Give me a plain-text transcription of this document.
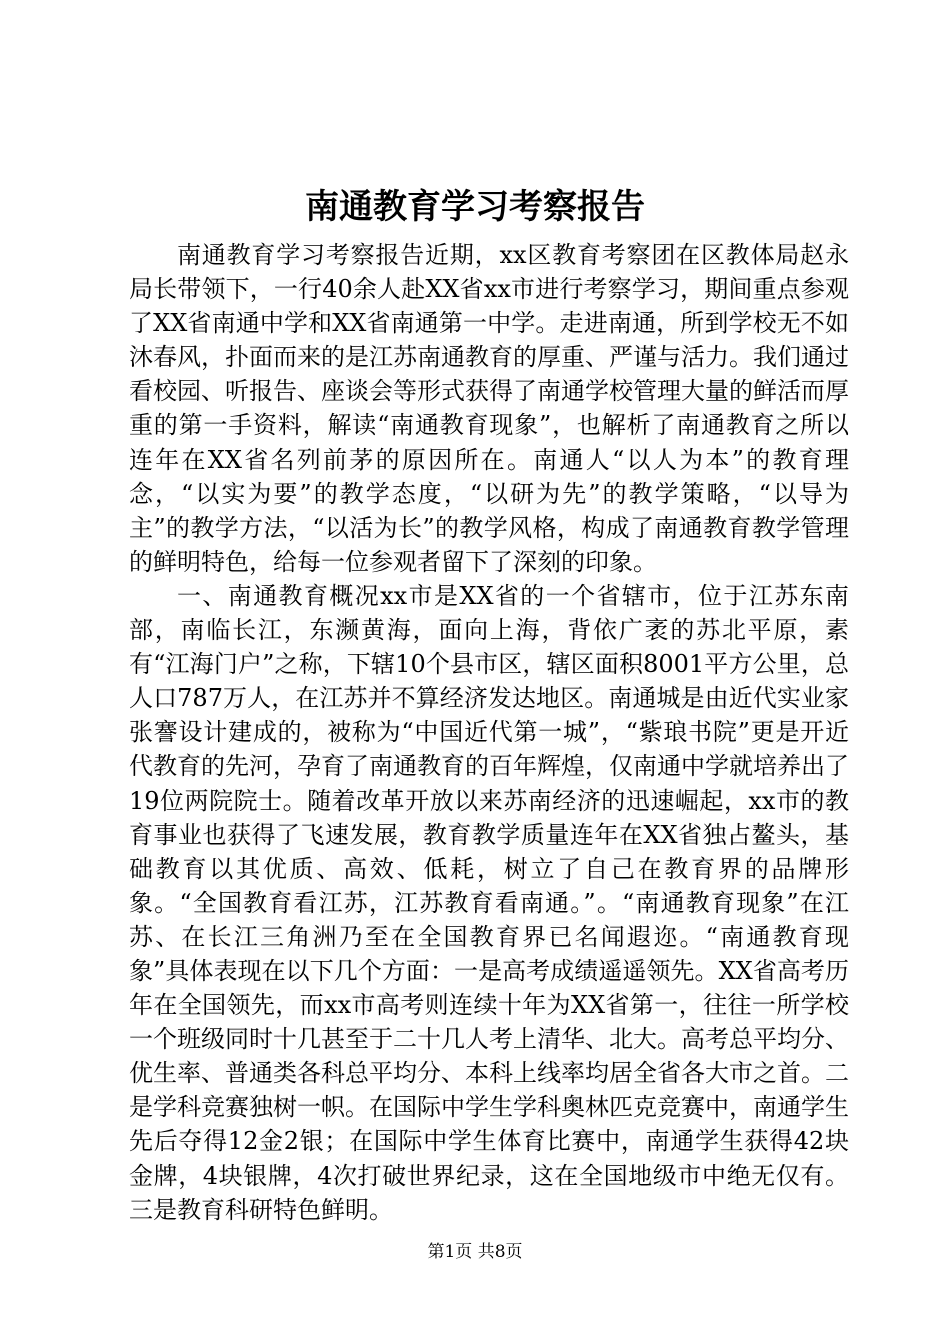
南通教育学习考察报告

南通教育学习考察报告近期，xx区教育考察团在区教体局赵永局长带领下，一行40余人赴XX省xx市进行考察学习，期间重点参观了XX省南通中学和XX省南通第一中学。走进南通，所到学校无不如沐春风，扑面而来的是江苏南通教育的厚重、严谨与活力。我们通过看校园、听报告、座谈会等形式获得了南通学校管理大量的鲜活而厚重的第一手资料，解读“南通教育现象”，也解析了南通教育之所以连年在XX省名列前茅的原因所在。南通人“以人为本”的教育理念，“以实为要”的教学态度，“以研为先”的教学策略，“以导为主”的教学方法，“以活为长”的教学风格，构成了南通教育教学管理的鲜明特色，给每一位参观者留下了深刻的印象。

一、南通教育概况xx市是XX省的一个省辖市，位于江苏东南部，南临长江，东濒黄海，面向上海，背依广袤的苏北平原，素有“江海门户”之称，下辖10个县市区，辖区面积8001平方公里，总人口787万人，在江苏并不算经济发达地区。南通城是由近代实业家张謇设计建成的，被称为“中国近代第一城”，“紫琅书院”更是开近代教育的先河，孕育了南通教育的百年辉煌，仅南通中学就培养出了19位两院院士。随着改革开放以来苏南经济的迅速崛起，xx市的教育事业也获得了飞速发展，教育教学质量连年在XX省独占鳌头，基础教育以其优质、高效、低耗，树立了自己在教育界的品牌形象。“全国教育看江苏，江苏教育看南通。”。“南通教育现象”在江苏、在长江三角洲乃至在全国教育界已名闻遐迩。“南通教育现象”具体表现在以下几个方面：一是高考成绩遥遥领先。XX省高考历年在全国领先，而xx市高考则连续十年为XX省第一，往往一所学校一个班级同时十几甚至于二十几人考上清华、北大。高考总平均分、优生率、普通类各科总平均分、本科上线率均居全省各大市之首。二是学科竞赛独树一帜。在国际中学生学科奥林匹克竞赛中，南通学生先后夺得12金2银；在国际中学生体育比赛中，南通学生获得42块金牌，4块银牌，4次打破世界纪录，这在全国地级市中绝无仅有。三是教育科研特色鲜明。

第1页 共8页
